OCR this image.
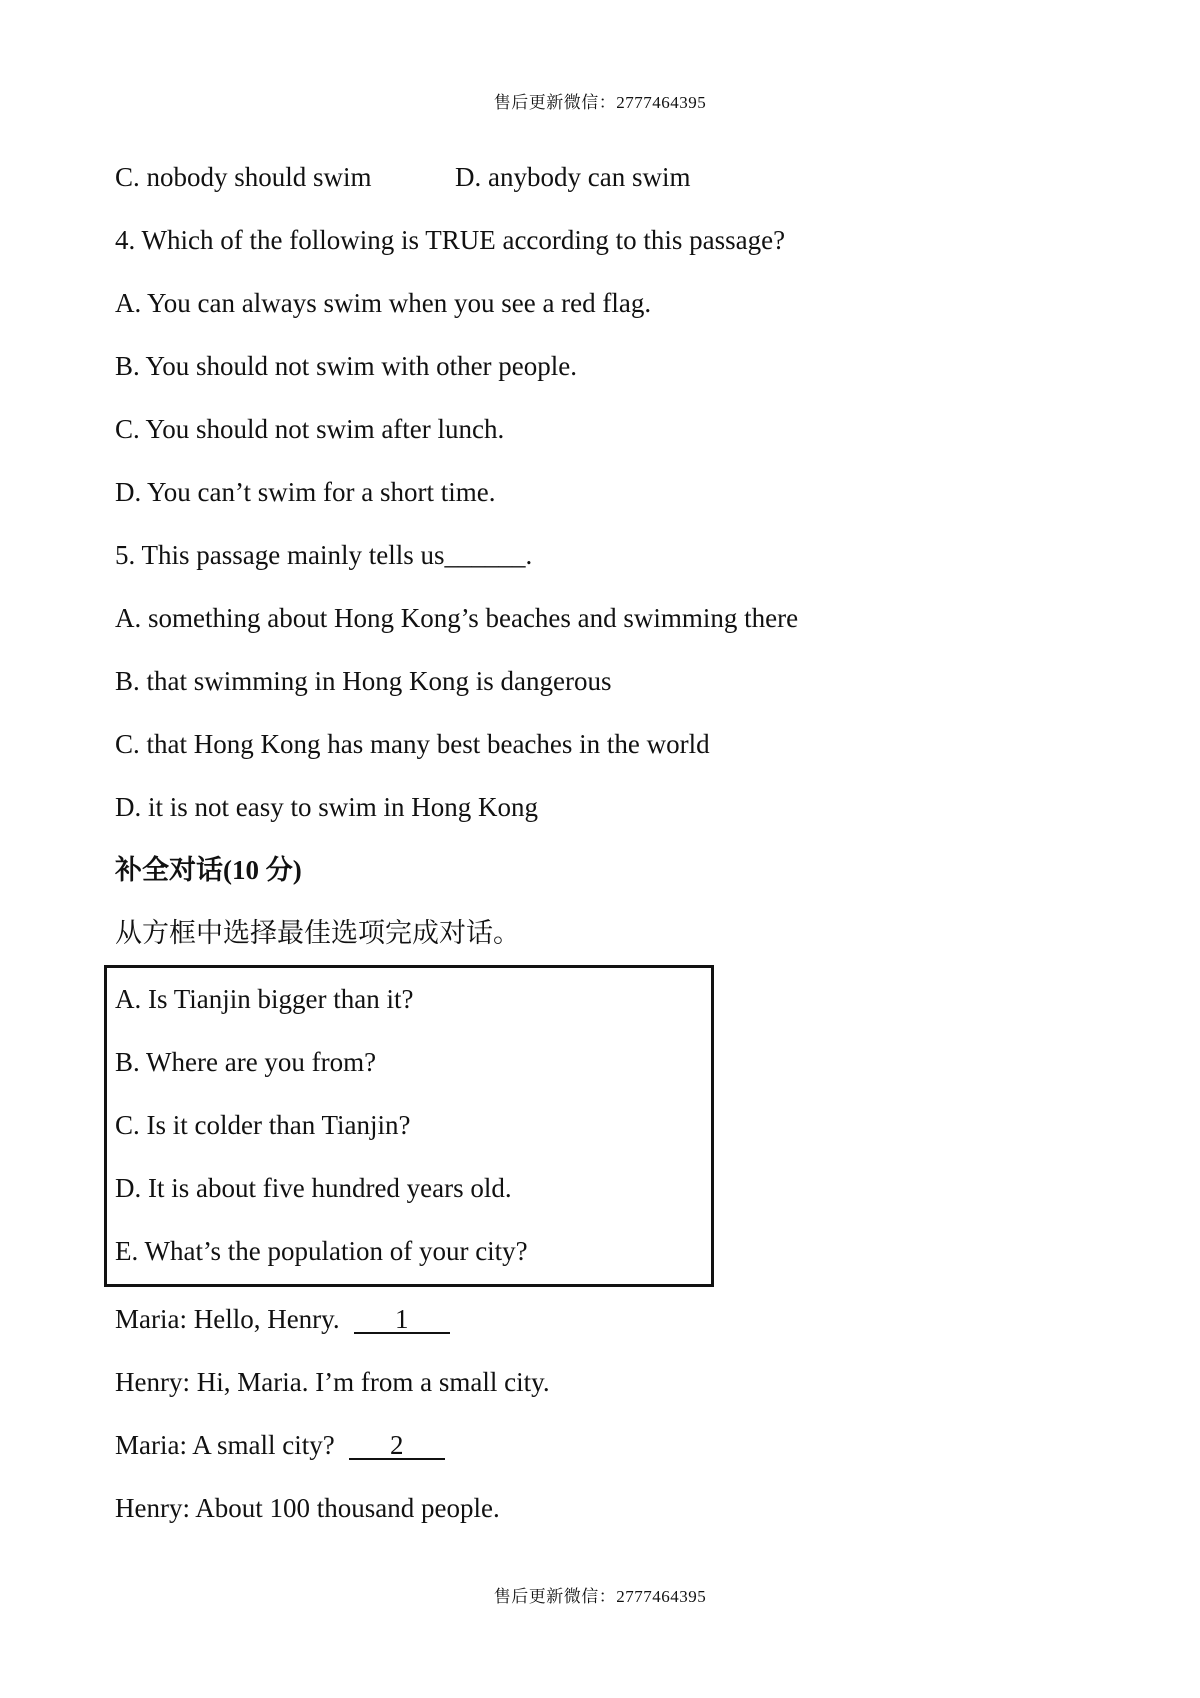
售后更新微信：2777464395
C. nobody should swim	D. anybody can swim
4. Which of the following is TRUE according to this passage?
A. You can always swim when you see a red flag.
B. You should not swim with other people.
C. You should not swim after lunch.
D. You can’t swim for a short time.
5. This passage mainly tells us______.
A. something about Hong Kong’s beaches and swimming there
B. that swimming in Hong Kong is dangerous
C. that Hong Kong has many best beaches in the world
D. it is not easy to swim in Hong Kong
补全对话(10 分)
从方框中选择最佳选项完成对话。
A. Is Tianjin bigger than it?
B. Where are you from?
C. Is it colder than Tianjin?
D. It is about five hundred years old.
E. What’s the population of your city?
Maria: Hello, Henry. 1
Henry: Hi, Maria. I’m from a small city.
Maria: A small city? 2
Henry: About 100 thousand people.
售后更新微信：2777464395
